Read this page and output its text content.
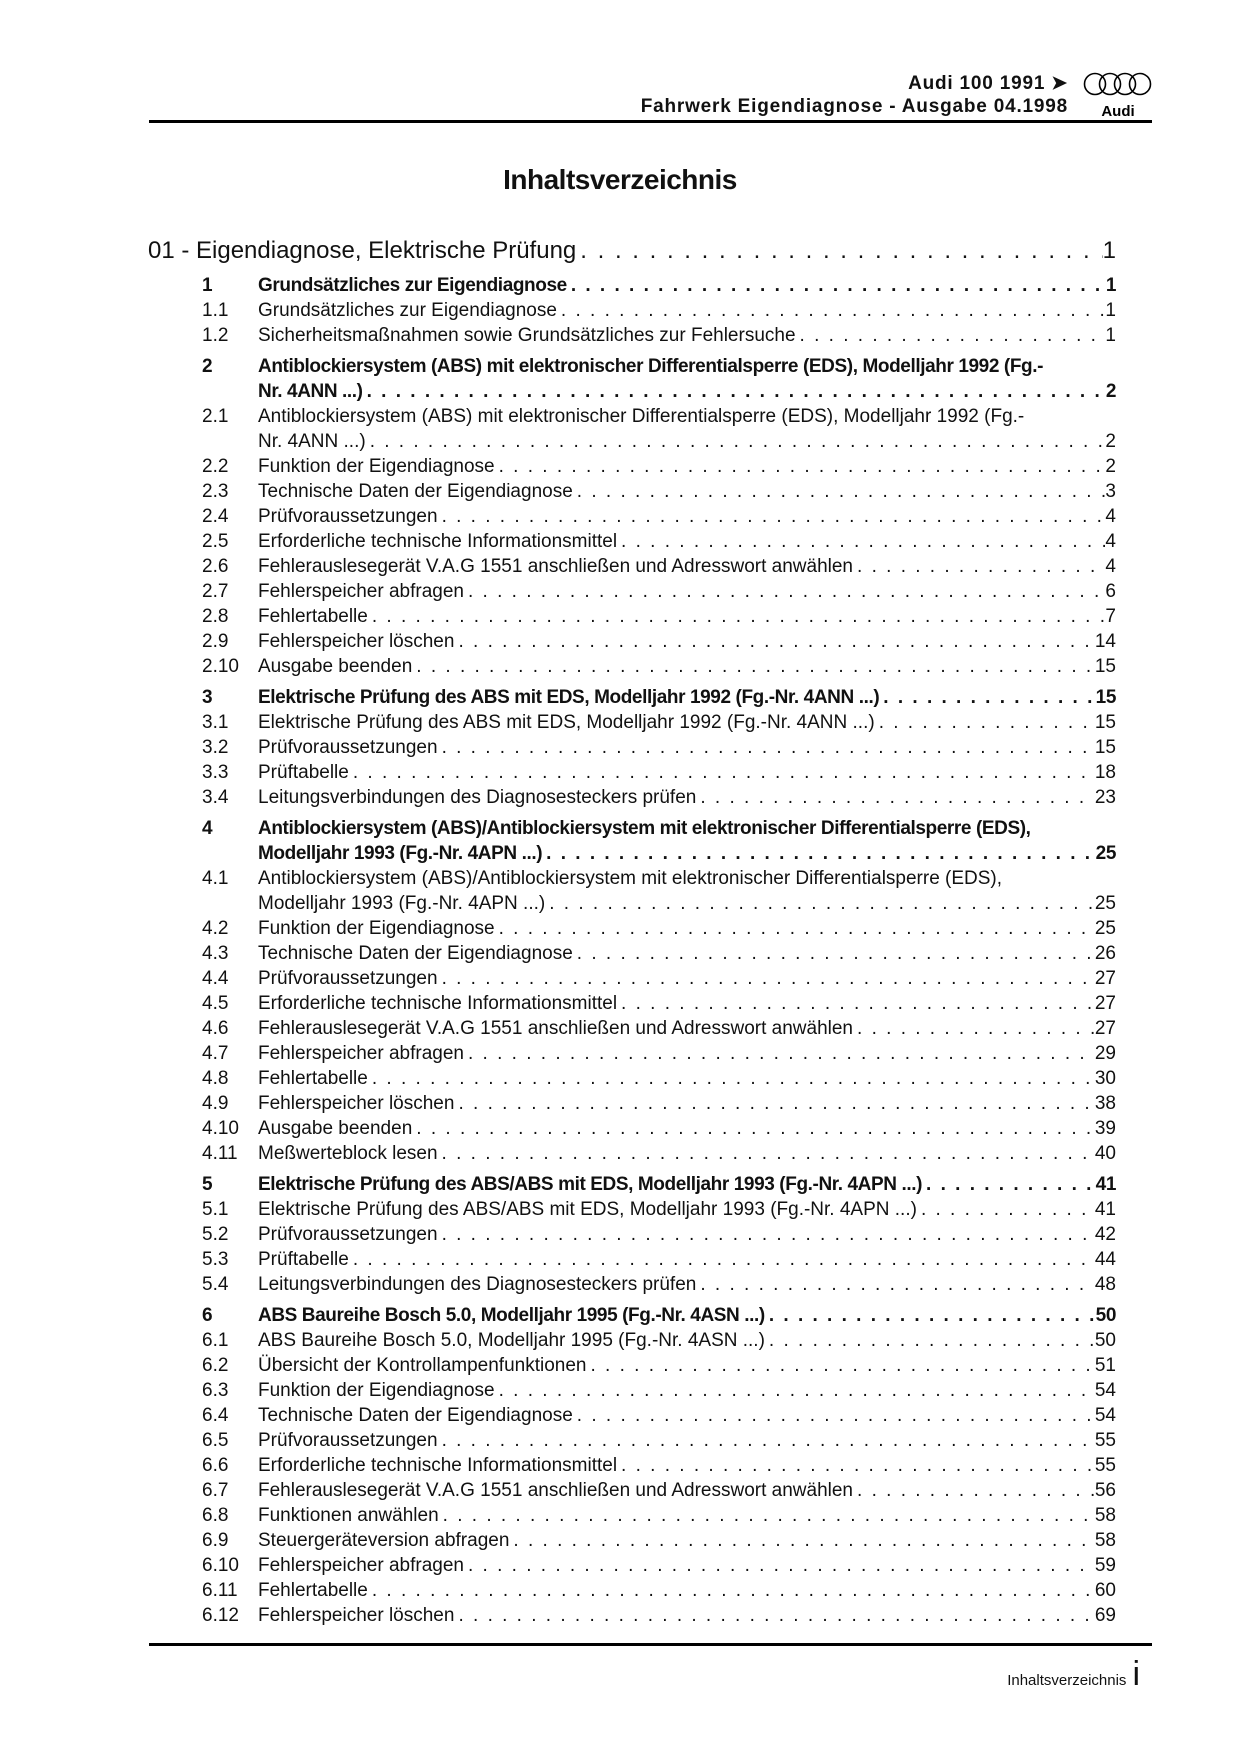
Audi 100 1991 ➤
Fahrwerk Eigendiagnose - Ausgabe 04.1998 Audi
Inhaltsverzeichnis
01 - Eigendiagnose, Elektrische Prüfung . . .	1
1	Grundsätzliches zur Eigendiagnose . . .	1
1.1	Grundsätzliches zur Eigendiagnose . . .	1
1.2	Sicherheitsmaßnahmen sowie Grundsätzliches zur Fehlersuche . . .	1
2	Antiblockiersystem (ABS) mit elektronischer Differentialsperre (EDS), Modelljahr 1992 (Fg.-
Nr. 4ANN ...) . . .	2
2.1	Antiblockiersystem (ABS) mit elektronischer Differentialsperre (EDS), Modelljahr 1992 (Fg.-
Nr. 4ANN ...) . . .	2
2.2	Funktion der Eigendiagnose . . .	2
2.3	Technische Daten der Eigendiagnose . . .	3
2.4	Prüfvoraussetzungen . . .	4
2.5	Erforderliche technische Informationsmittel . . .	4
2.6	Fehlerauslesegerät V.A.G 1551 anschließen und Adresswort anwählen . . .	4
2.7	Fehlerspeicher abfragen . . .	6
2.8	Fehlertabelle . . .	7
2.9	Fehlerspeicher löschen . . .	14
2.10	Ausgabe beenden . . .	15
3	Elektrische Prüfung des ABS mit EDS, Modelljahr 1992 (Fg.-Nr. 4ANN ...) . . .	15
3.1	Elektrische Prüfung des ABS mit EDS, Modelljahr 1992 (Fg.-Nr. 4ANN ...) . . .	15
3.2	Prüfvoraussetzungen . . .	15
3.3	Prüftabelle . . .	18
3.4	Leitungsverbindungen des Diagnosesteckers prüfen . . .	23
4	Antiblockiersystem (ABS)/Antiblockiersystem mit elektronischer Differentialsperre (EDS),
Modelljahr 1993 (Fg.-Nr. 4APN ...) . . .	25
4.1	Antiblockiersystem (ABS)/Antiblockiersystem mit elektronischer Differentialsperre (EDS),
Modelljahr 1993 (Fg.-Nr. 4APN ...) . . .	25
4.2	Funktion der Eigendiagnose . . .	25
4.3	Technische Daten der Eigendiagnose . . .	26
4.4	Prüfvoraussetzungen . . .	27
4.5	Erforderliche technische Informationsmittel . . .	27
4.6	Fehlerauslesegerät V.A.G 1551 anschließen und Adresswort anwählen . . .	27
4.7	Fehlerspeicher abfragen . . .	29
4.8	Fehlertabelle . . .	30
4.9	Fehlerspeicher löschen . . .	38
4.10	Ausgabe beenden . . .	39
4.11	Meßwerteblock lesen . . .	40
5	Elektrische Prüfung des ABS/ABS mit EDS, Modelljahr 1993 (Fg.-Nr. 4APN ...) . . .	41
5.1	Elektrische Prüfung des ABS/ABS mit EDS, Modelljahr 1993 (Fg.-Nr. 4APN ...) . . .	41
5.2	Prüfvoraussetzungen . . .	42
5.3	Prüftabelle . . .	44
5.4	Leitungsverbindungen des Diagnosesteckers prüfen . . .	48
6	ABS Baureihe Bosch 5.0, Modelljahr 1995 (Fg.-Nr. 4ASN ...) . . .	50
6.1	ABS Baureihe Bosch 5.0, Modelljahr 1995 (Fg.-Nr. 4ASN ...) . . .	50
6.2	Übersicht der Kontrollampenfunktionen . . .	51
6.3	Funktion der Eigendiagnose . . .	54
6.4	Technische Daten der Eigendiagnose . . .	54
6.5	Prüfvoraussetzungen . . .	55
6.6	Erforderliche technische Informationsmittel . . .	55
6.7	Fehlerauslesegerät V.A.G 1551 anschließen und Adresswort anwählen . . .	56
6.8	Funktionen anwählen . . .	58
6.9	Steuergeräteversion abfragen . . .	58
6.10	Fehlerspeicher abfragen . . .	59
6.11	Fehlertabelle . . .	60
6.12	Fehlerspeicher löschen . . .	69
Inhaltsverzeichnis i
